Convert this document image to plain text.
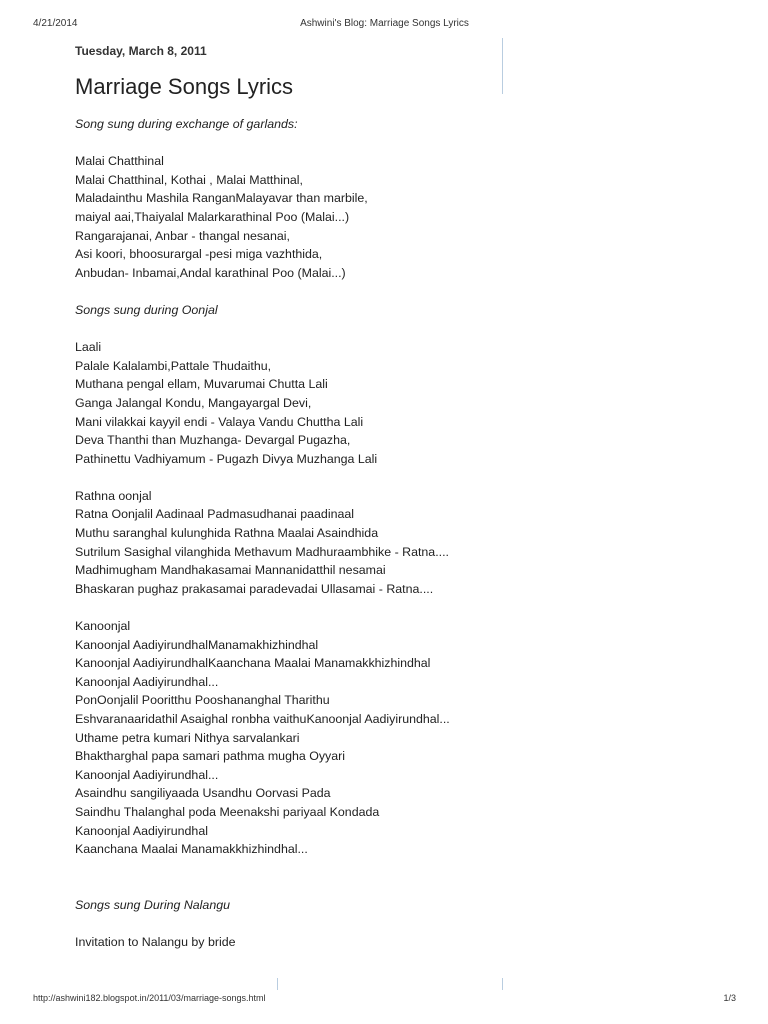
4/21/2014	Ashwini's Blog: Marriage Songs Lyrics
Tuesday, March 8, 2011
Marriage Songs Lyrics
Song sung during exchange of garlands:
Malai Chatthinal
Malai Chatthinal, Kothai , Malai Matthinal,
Maladainthu Mashila RanganMalayavar than marbile,
maiyal aai,Thaiyalal Malarkarathinal Poo (Malai...)
Rangarajanai, Anbar - thangal nesanai,
Asi koori, bhoosurargal -pesi miga vazhthida,
Anbudan- Inbamai,Andal karathinal Poo (Malai...)
Songs sung during Oonjal
Laali
Palale Kalalambi,Pattale Thudaithu,
Muthana pengal ellam, Muvarumai Chutta Lali
Ganga Jalangal Kondu, Mangayargal Devi,
Mani vilakkai kayyil endi - Valaya Vandu Chuttha Lali
Deva Thanthi than Muzhanga- Devargal Pugazha,
Pathinettu Vadhiyamum - Pugazh Divya Muzhanga Lali
Rathna oonjal
Ratna Oonjalil Aadinaal Padmasudhanai paadinaal
Muthu saranghal kulunghida Rathna Maalai Asaindhida
Sutrilum Sasighal vilanghida Methavum Madhuraambhike - Ratna....
Madhimugham Mandhakasamai Mannanidatthil nesamai
Bhaskaran pughaz prakasamai paradevadai Ullasamai - Ratna....
Kanoonjal
Kanoonjal AadiyirundhalManamakhizhindhal
Kanoonjal AadiyirundhalKaanchana Maalai Manamakkhizhindhal
Kanoonjal Aadiyirundhal...
PonOonjalil Pooritthu Pooshananghal Tharithu
Eshvaranaaridathil Asaighal ronbha vaithuKanoonjal Aadiyirundhal...
Uthame petra kumari Nithya sarvalankari
Bhaktharghal papa samari pathma mugha Oyyari
Kanoonjal Aadiyirundhal...
Asaindhu sangiliyaada Usandhu Oorvasi Pada
Saindhu Thalanghal poda Meenakshi pariyaal Kondada
Kanoonjal Aadiyirundhal
Kaanchana Maalai Manamakkhizhindhal...
Songs sung During Nalangu
Invitation to Nalangu by bride
http://ashwini182.blogspot.in/2011/03/marriage-songs.html	1/3
